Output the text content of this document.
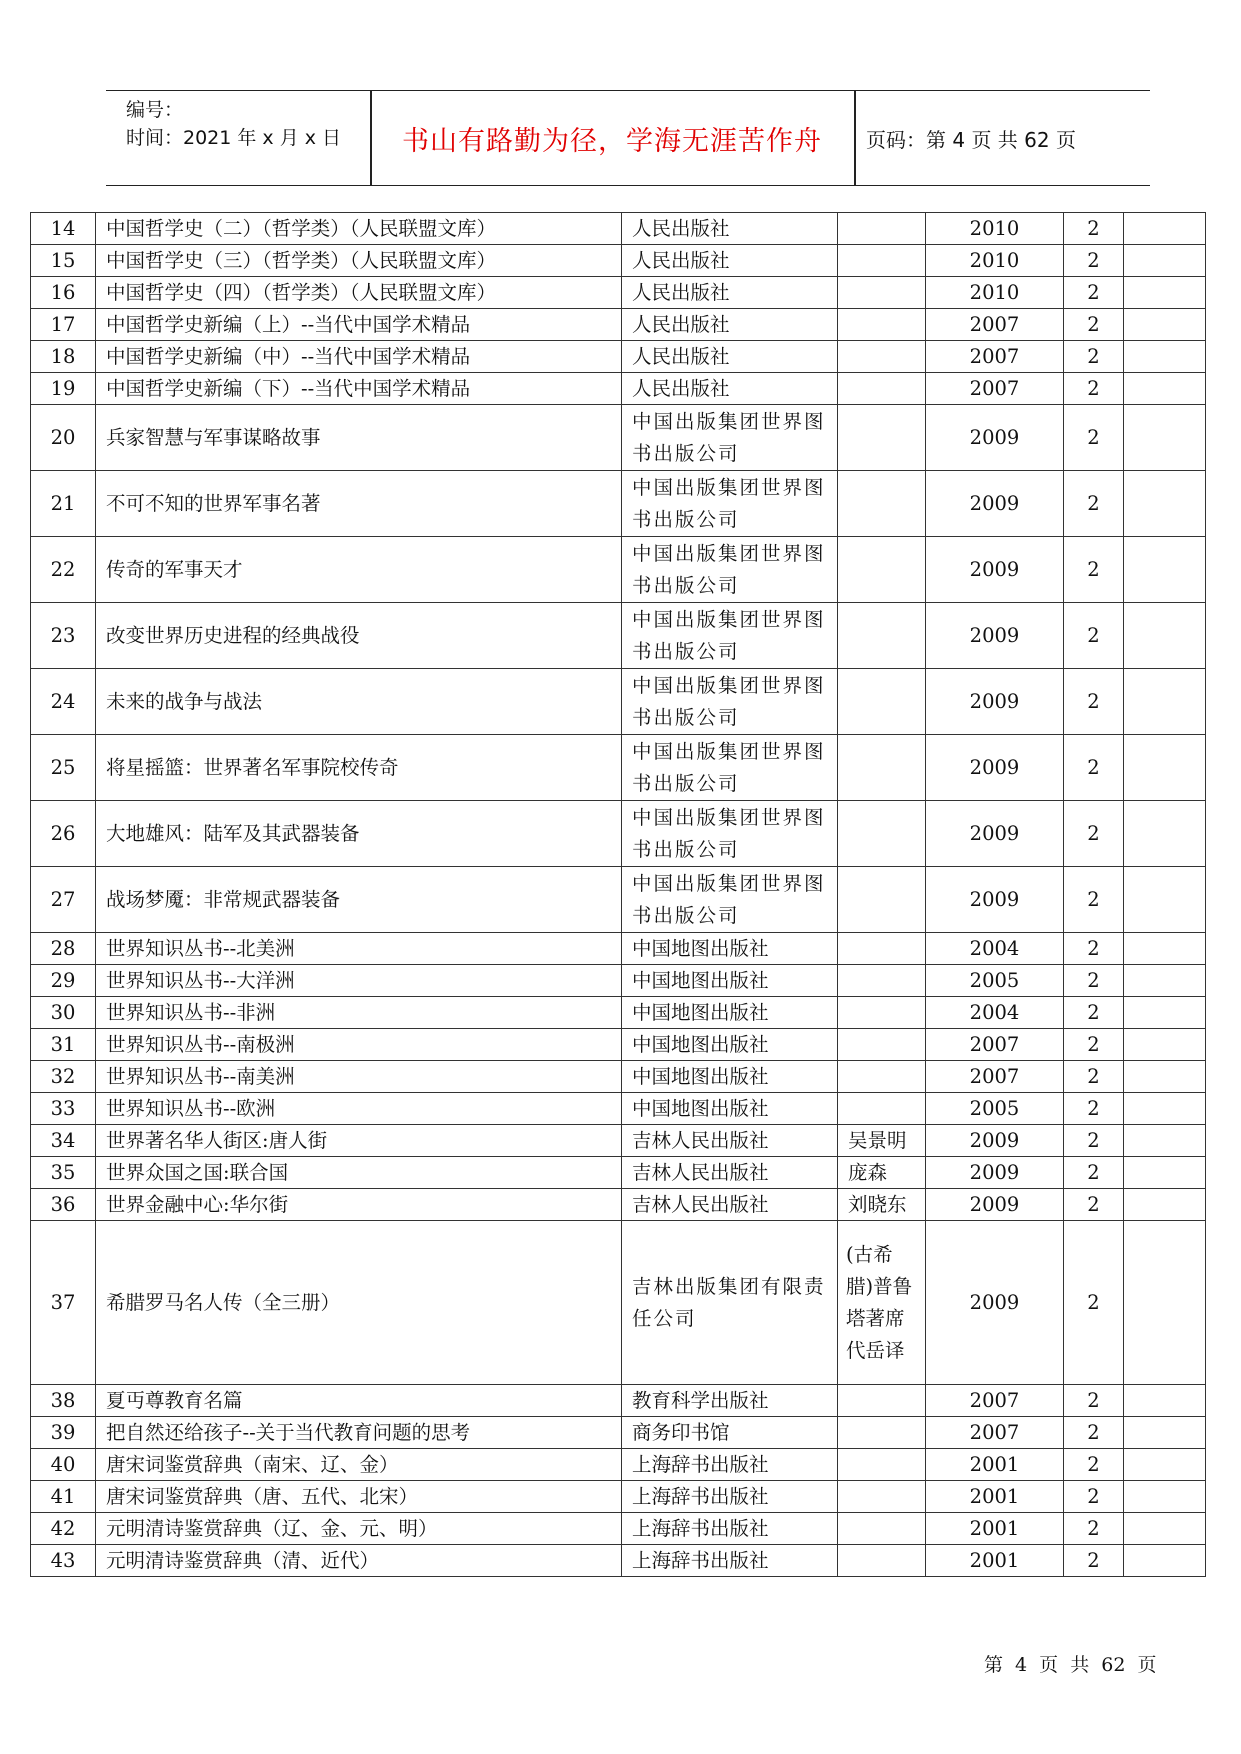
编号：
时间：2021 年 x 月 x 日	书山有路勤为径，学海无涯苦作舟	页码：第 4 页 共 62 页
14	中国哲学史（二）（哲学类）（人民联盟文库）	人民出版社		2010	2	
15	中国哲学史（三）（哲学类）（人民联盟文库）	人民出版社		2010	2	
16	中国哲学史（四）（哲学类）（人民联盟文库）	人民出版社		2010	2	
17	中国哲学史新编（上）--当代中国学术精品	人民出版社		2007	2	
18	中国哲学史新编（中）--当代中国学术精品	人民出版社		2007	2	
19	中国哲学史新编（下）--当代中国学术精品	人民出版社		2007	2	
20	兵家智慧与军事谋略故事	中国出版集团世界图书出版公司		2009	2	
21	不可不知的世界军事名著	中国出版集团世界图书出版公司		2009	2	
22	传奇的军事天才	中国出版集团世界图书出版公司		2009	2	
23	改变世界历史进程的经典战役	中国出版集团世界图书出版公司		2009	2	
24	未来的战争与战法	中国出版集团世界图书出版公司		2009	2	
25	将星摇篮：世界著名军事院校传奇	中国出版集团世界图书出版公司		2009	2	
26	大地雄风：陆军及其武器装备	中国出版集团世界图书出版公司		2009	2	
27	战场梦魇：非常规武器装备	中国出版集团世界图书出版公司		2009	2	
28	世界知识丛书--北美洲	中国地图出版社		2004	2	
29	世界知识丛书--大洋洲	中国地图出版社		2005	2	
30	世界知识丛书--非洲	中国地图出版社		2004	2	
31	世界知识丛书--南极洲	中国地图出版社		2007	2	
32	世界知识丛书--南美洲	中国地图出版社		2007	2	
33	世界知识丛书--欧洲	中国地图出版社		2005	2	
34	世界著名华人街区:唐人街	吉林人民出版社	吴景明	2009	2	
35	世界众国之国:联合国	吉林人民出版社	庞森	2009	2	
36	世界金融中心:华尔街	吉林人民出版社	刘晓东	2009	2	
37	希腊罗马名人传（全三册）	吉林出版集团有限责任公司	(古希腊)普鲁塔著席代岳译	2009	2	
38	夏丏尊教育名篇	教育科学出版社		2007	2	
39	把自然还给孩子--关于当代教育问题的思考	商务印书馆		2007	2	
40	唐宋词鉴赏辞典（南宋、辽、金）	上海辞书出版社		2001	2	
41	唐宋词鉴赏辞典（唐、五代、北宋）	上海辞书出版社		2001	2	
42	元明清诗鉴赏辞典（辽、金、元、明）	上海辞书出版社		2001	2	
43	元明清诗鉴赏辞典（清、近代）	上海辞书出版社		2001	2	
第 4 页 共 62 页
